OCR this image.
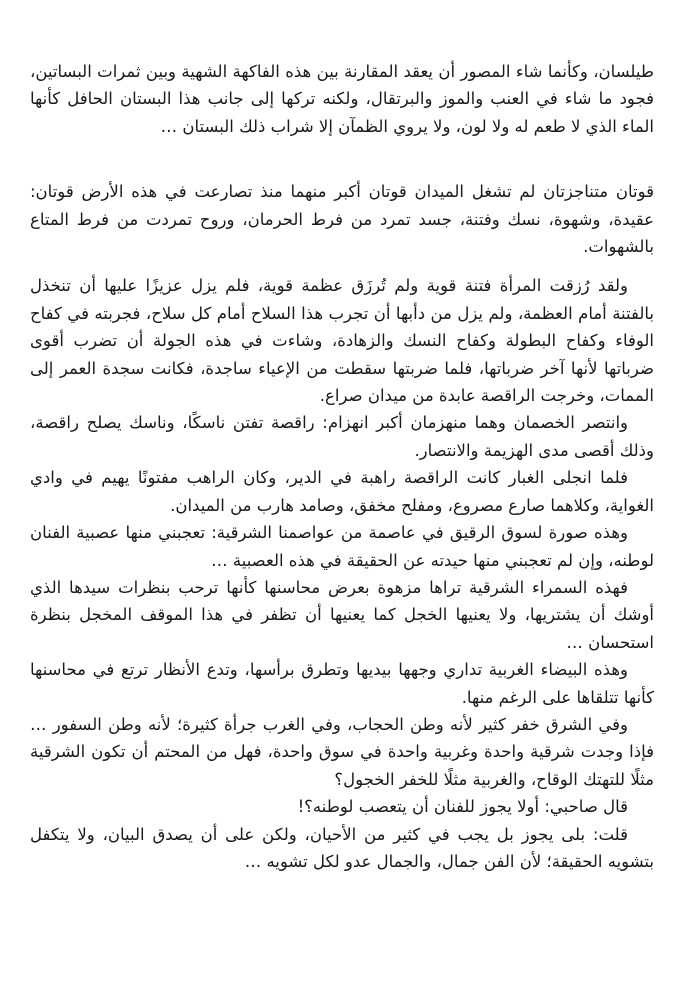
طيلسان، وكأنما شاء المصور أن يعقد المقارنة بين هذه الفاكهة الشهية وبين ثمرات البساتين، فجود ما شاء في العنب والموز والبرتقال، ولكنه تركها إلى جانب هذا البستان الحافل كأنها الماء الذي لا طعم له ولا لون، ولا يروي الظمآن إلا شراب ذلك البستان …

قوتان متناجزتان لم تشغل الميدان قوتان أكبر منهما منذ تصارعت في هذه الأرض قوتان: عقيدة، وشهوة، نسك وفتنة، جسد تمرد من فرط الحرمان، وروح تمردت من فرط المتاع بالشهوات.

ولقد رُزقت المرأة فتنة قوية ولم تُرزَق عظمة قوية، فلم يزل عزيزًا عليها أن تنخذل بالفتنة أمام العظمة، ولم يزل من دأبها أن تجرب هذا السلاح أمام كل سلاح، فجربته في كفاح الوفاء وكفاح البطولة وكفاح النسك والزهادة، وشاءت في هذه الجولة أن تضرب أقوى ضرباتها لأنها آخر ضرباتها، فلما ضربتها سقطت من الإعياء ساجدة، فكانت سجدة العمر إلى الممات، وخرجت الراقصة عابدة من ميدان صراع.

وانتصر الخصمان وهما منهزمان أكبر انهزام: راقصة تفتن ناسكًا، وناسك يصلح راقصة، وذلك أقصى مدى الهزيمة والانتصار.

فلما انجلى الغبار كانت الراقصة راهبة في الدير، وكان الراهب مفتونًا يهيم في وادي الغواية، وكلاهما صارع مصروع، ومفلح مخفق، وصامد هارب من الميدان.

وهذه صورة لسوق الرقيق في عاصمة من عواصمنا الشرقية: تعجبني منها عصبية الفنان لوطنه، وإن لم تعجبني منها حيدته عن الحقيقة في هذه العصبية …

فهذه السمراء الشرقية تراها مزهوة بعرض محاسنها كأنها ترحب بنظرات سيدها الذي أوشك أن يشتريها، ولا يعنيها الخجل كما يعنيها أن تظفر في هذا الموقف المخجل بنظرة استحسان …

وهذه البيضاء الغربية تداري وجهها بيديها وتطرق برأسها، وتدع الأنظار ترتع في محاسنها كأنها تتلقاها على الرغم منها.

وفي الشرق خفر كثير لأنه وطن الحجاب، وفي الغرب جرأة كثيرة؛ لأنه وطن السفور … فإذا وجدت شرقية واحدة وغربية واحدة في سوق واحدة، فهل من المحتم أن تكون الشرقية مثلًا للتهتك الوقاح، والغربية مثلًا للخفر الخجول؟

قال صاحبي: أولا يجوز للفنان أن يتعصب لوطنه؟!

قلت: بلى يجوز بل يجب في كثير من الأحيان، ولكن على أن يصدق البيان، ولا يتكفل بتشويه الحقيقة؛ لأن الفن جمال، والجمال عدو لكل تشويه …
